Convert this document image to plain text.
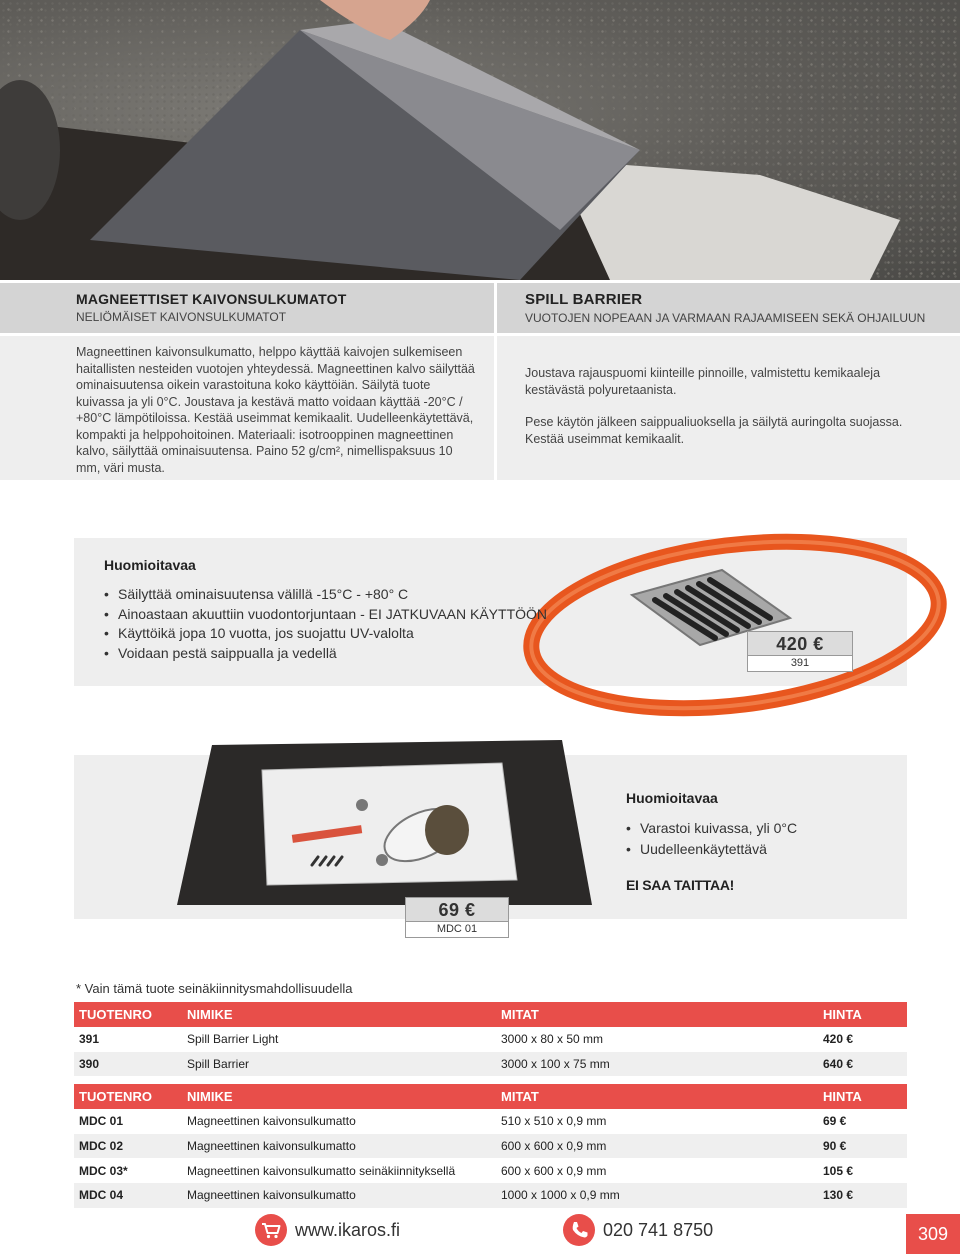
MAGNEETTISET KAIVONSULKUMATOT
NELIÖMÄISET KAIVONSULKUMATOT

Magneettinen kaivonsulkumatto, helppo käyttää kaivojen sulkemiseen haitallisten nesteiden vuotojen yhteydessä. Magneettinen kalvo säilyttää ominaisuutensa oikein varastoituna koko käyttöiän. Säilytä tuote kuivassa ja yli 0°C. Joustava ja kestävä matto voidaan käyttää -20°C / +80°C lämpötiloissa. Kestää useimmat kemikaalit. Uudelleenkäytettävä, kompakti ja helppohoitoinen. Materiaali: isotrooppinen magneettinen kalvo, säilyttää ominaisuutensa. Paino 52 g/cm², nimellispaksuus 10 mm, väri musta.

SPILL BARRIER
VUOTOJEN NOPEAAN JA VARMAAN RAJAAMISEEN SEKÄ OHJAILUUN

Joustava rajauspuomi kiinteille pinnoille, valmistettu kemikaaleja kestävästä polyuretaanista.

Pese käytön jälkeen saippualiuoksella ja säilytä auringolta suojassa. Kestää useimmat kemikaalit.

Huomioitavaa
• Säilyttää ominaisuutensa välillä -15°C - +80° C
• Ainoastaan akuuttiin vuodontorjuntaan - EI JATKUVAAN KÄYTTÖÖN
• Käyttöikä jopa 10 vuotta, jos suojattu UV-valolta
• Voidaan pestä saippualla ja vedellä	420 €
391
Huomioitavaa
• Varastoi kuivassa, yli 0°C
• Uudelleenkäytettävä
EI SAA TAITTAA!
69 €
MDC 01
* Vain tämä tuote seinäkiinnitysmahdollisuudella
TUOTENRO	NIMIKE	MITAT	HINTA
391	Spill Barrier Light	3000 x 80 x 50 mm	420 €
390	Spill Barrier	3000 x 100 x 75 mm	640 €
TUOTENRO	NIMIKE	MITAT	HINTA
MDC 01	Magneettinen kaivonsulkumatto	510 x 510 x 0,9 mm	69 €
MDC 02	Magneettinen kaivonsulkumatto	600 x 600 x 0,9 mm	90 €
MDC 03*	Magneettinen kaivonsulkumatto seinäkiinnityksellä	600 x 600 x 0,9 mm	105 €
MDC 04	Magneettinen kaivonsulkumatto	1000 x 1000 x 0,9 mm	130 €
www.ikaros.fi	020 741 8750	309
